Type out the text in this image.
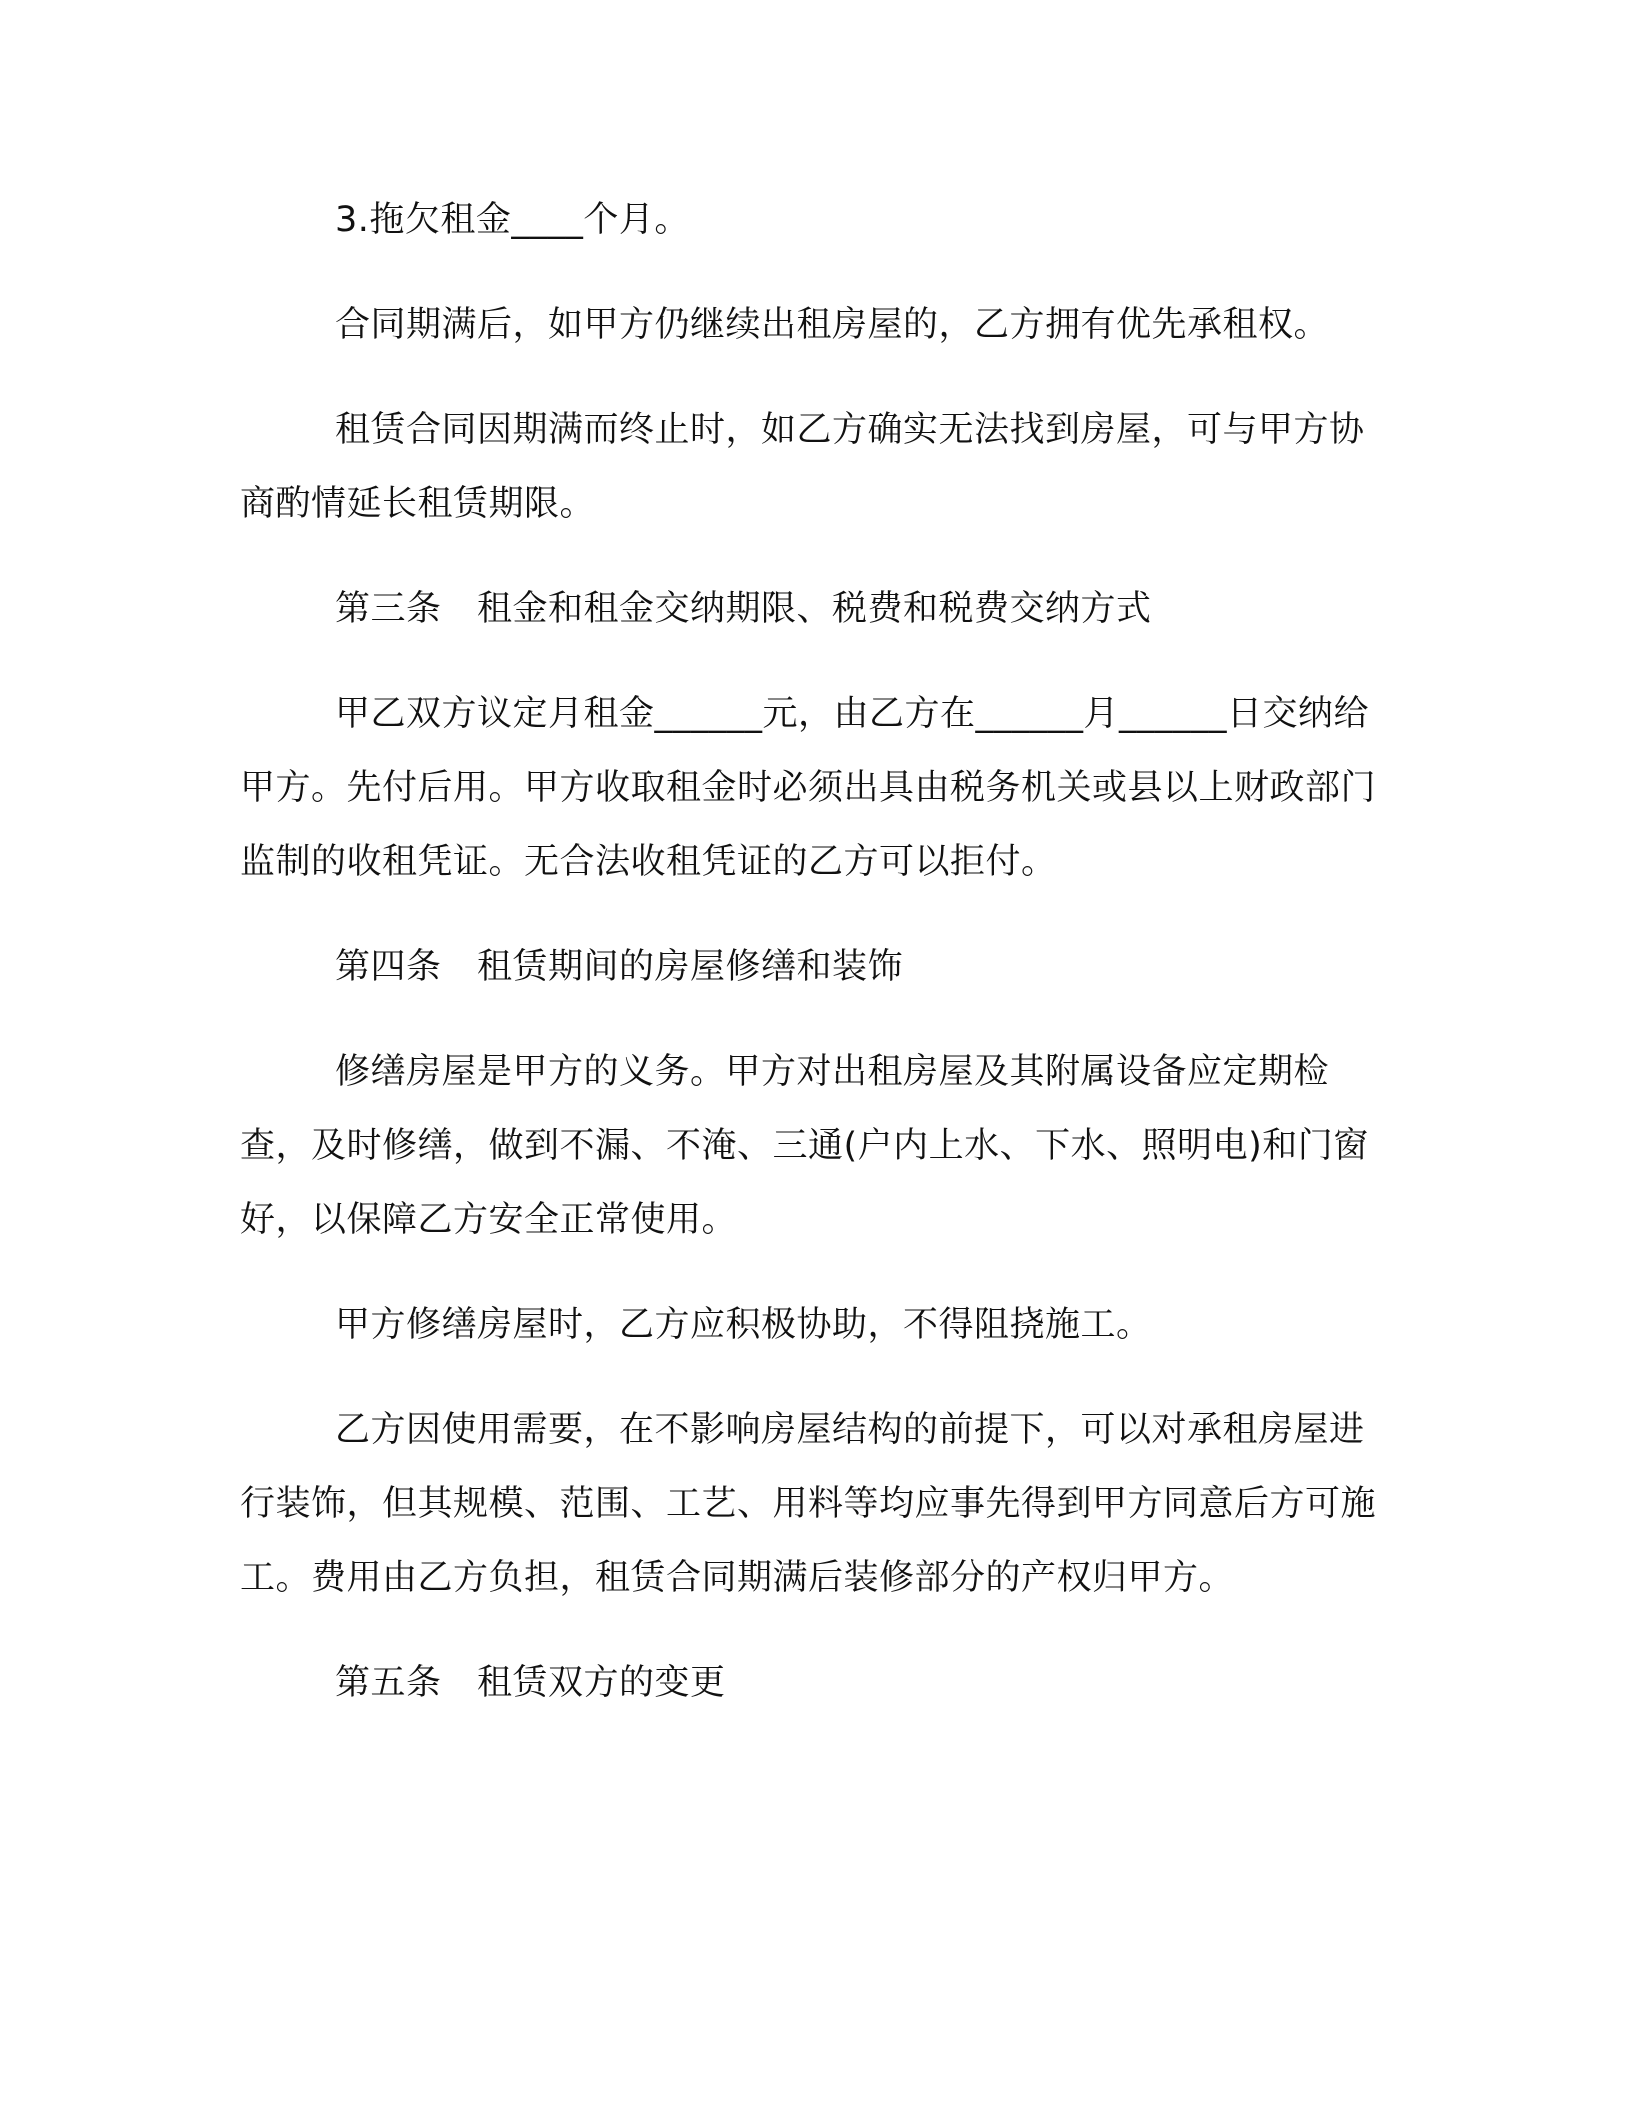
3.拖欠租金____个月。

合同期满后，如甲方仍继续出租房屋的，乙方拥有优先承租权。

租赁合同因期满而终止时，如乙方确实无法找到房屋，可与甲方协商酌情延长租赁期限。

第三条　租金和租金交纳期限、税费和税费交纳方式

甲乙双方议定月租金______元，由乙方在______月______日交纳给甲方。先付后用。甲方收取租金时必须出具由税务机关或县以上财政部门监制的收租凭证。无合法收租凭证的乙方可以拒付。

第四条　租赁期间的房屋修缮和装饰

修缮房屋是甲方的义务。甲方对出租房屋及其附属设备应定期检查，及时修缮，做到不漏、不淹、三通(户内上水、下水、照明电)和门窗好，以保障乙方安全正常使用。

甲方修缮房屋时，乙方应积极协助，不得阻挠施工。

乙方因使用需要，在不影响房屋结构的前提下，可以对承租房屋进行装饰，但其规模、范围、工艺、用料等均应事先得到甲方同意后方可施工。费用由乙方负担，租赁合同期满后装修部分的产权归甲方。

第五条　租赁双方的变更
